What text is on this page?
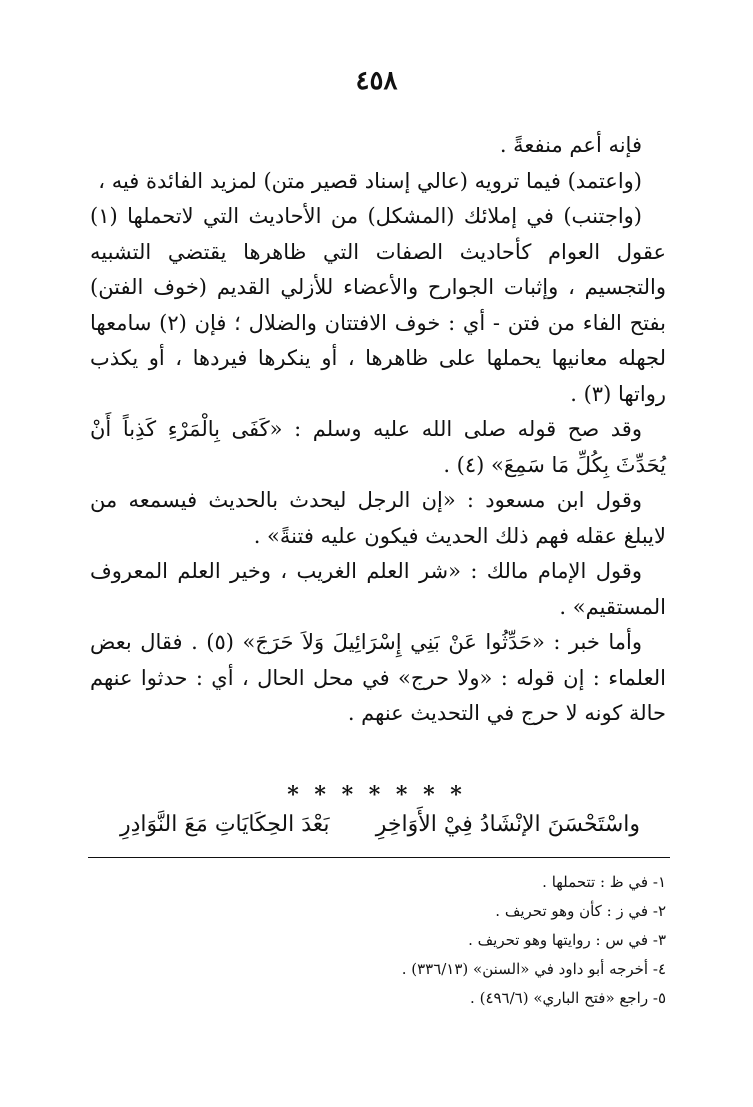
٤٥٨

فإنه أعم منفعةً .

(واعتمد) فيما ترويه (عالي إسناد قصير متن) لمزيد الفائدة فيه ،

(واجتنب) في إملائك (المشكل) من الأحاديث التي لاتحملها (١) عقول العوام كأحاديث الصفات التي ظاهرها يقتضي التشبيه والتجسيم ، وإثبات الجوارح والأعضاء للأزلي القديم (خوف الفتن) بفتح الفاء من فتن - أي : خوف الافتتان والضلال ؛ فإن (٢) سامعها لجهله معانيها يحملها على ظاهرها ، أو ينكرها فيردها ، أو يكذب رواتها (٣) .

وقد صح قوله صلى الله عليه وسلم : «كَفَى بِالْمَرْءِ كَذِباً أَنْ يُحَدِّثَ بِكُلِّ مَا سَمِعَ» (٤) .

وقول ابن مسعود : «إن الرجل ليحدث بالحديث فيسمعه من لايبلغ عقله فهم ذلك الحديث فيكون عليه فتنةً» .

وقول الإمام مالك : «شر العلم الغريب ، وخير العلم المعروف المستقيم» .

وأما خبر : «حَدِّثُوا عَنْ بَنِي إِسْرَائِيلَ وَلاَ حَرَجَ» (٥) . فقال بعض العلماء : إن قوله : «ولا حرج» في محل الحال ، أي : حدثوا عنهم حالة كونه لا حرج في التحديث عنهم .

* * * * * * *
واسْتَحْسَنَ الإنْشَادُ فِيْ الأَوَاخِرِ
بَعْدَ الحِكَايَاتِ مَعَ النَّوَادِرِ
١- في ظ : تتحملها .
٢- في ز : كأن وهو تحريف .
٣- في س : روايتها وهو تحريف .
٤- أخرجه أبو داود في «السنن» (٣٣٦/١٣) .
٥- راجع «فتح الباري» (٤٩٦/٦) .
